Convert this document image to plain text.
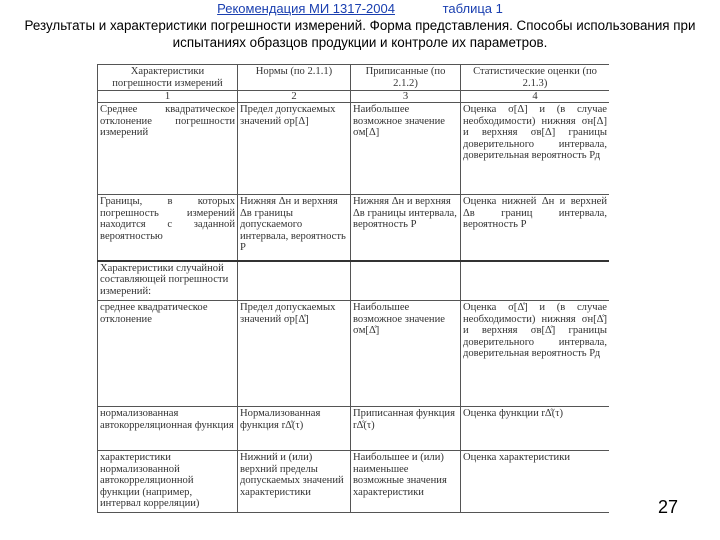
Рекомендация МИ 1317-2004	таблица 1
Результаты и характеристики погрешности измерений. Форма представления. Способы использования при испытаниях образцов продукции и контроле их параметров.
Характеристики погрешности измерений	Нормы (по 2.1.1)	Приписанные (по 2.1.2)	Статистические оценки (по 2.1.3)
1	2	3	4
Среднее квадратическое отклонение погрешности измерений	Предел допускаемых значений σр[Δ]	Наибольшее возможное значение σм[Δ]	Оценка σ[Δ] и (в случае необходимости) нижняя σн[Δ] и верхняя σв[Δ] границы доверительного интервала, доверительная вероятность Рд
Границы, в которых погрешность измерений находится с заданной вероятностью	Нижняя Δн и верхняя Δв границы допускаемого интервала, вероятность Р	Нижняя Δн и верхняя Δв границы интервала, вероятность Р	Оценка нижней Δн и верхней Δв границ интервала, вероятность Р
Характеристики случайной составляющей погрешности измерений:			
среднее квадратическое отклонение	Предел допускаемых значений σр[Δ̊]	Наибольшее возможное значение σм[Δ̊]	Оценка σ[Δ̊] и (в случае необходимости) нижняя σн[Δ̊] и верхняя σв[Δ̊] границы доверительного интервала, доверительная вероятность Рд
нормализованная автокорреляционная функция	Нормализованная функция rΔ̊(τ)	Приписанная функция rΔ̊(τ)	Оценка функции rΔ̊(τ)
характеристики нормализованной автокорреляционной функции (например, интервал корреляции)	Нижний и (или) верхний пределы допускаемых значений характеристики	Наибольшее и (или) наименьшее возможные значения характеристики	Оценка характеристики
27
